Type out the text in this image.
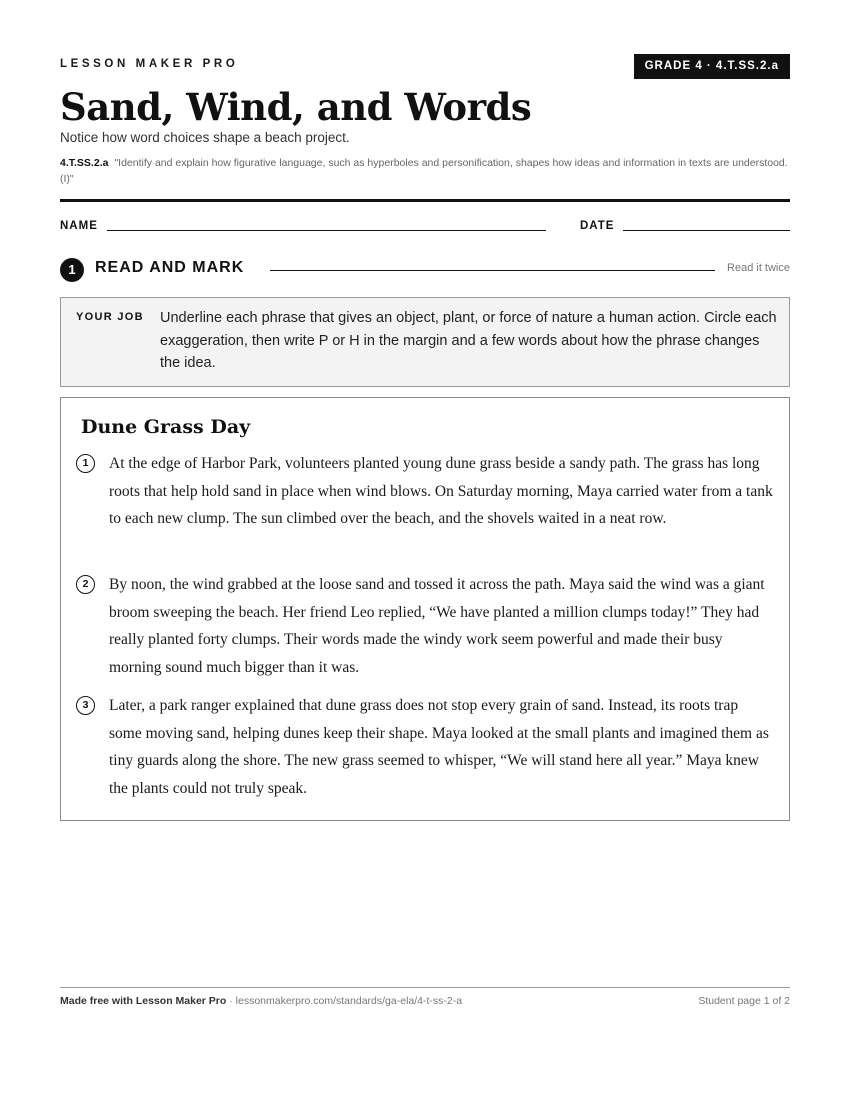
LESSON MAKER PRO	GRADE 4 · 4.T.SS.2.a
Sand, Wind, and Words
Notice how word choices shape a beach project.
4.T.SS.2.a "Identify and explain how figurative language, such as hyperboles and personification, shapes how ideas and information in texts are understood. (I)"
NAME	DATE
1	READ AND MARK	Read it twice
YOUR JOB Underline each phrase that gives an object, plant, or force of nature a human action. Circle each exaggeration, then write P or H in the margin and a few words about how the phrase changes the idea.
Dune Grass Day
1	At the edge of Harbor Park, volunteers planted young dune grass beside a sandy path. The grass has long roots that help hold sand in place when wind blows. On Saturday morning, Maya carried water from a tank to each new clump. The sun climbed over the beach, and the shovels waited in a neat row.
2	By noon, the wind grabbed at the loose sand and tossed it across the path. Maya said the wind was a giant broom sweeping the beach. Her friend Leo replied, “We have planted a million clumps today!” They had really planted forty clumps. Their words made the windy work seem powerful and made their busy morning sound much bigger than it was.
3	Later, a park ranger explained that dune grass does not stop every grain of sand. Instead, its roots trap some moving sand, helping dunes keep their shape. Maya looked at the small plants and imagined them as tiny guards along the shore. The new grass seemed to whisper, “We will stand here all year.” Maya knew the plants could not truly speak.
Made free with Lesson Maker Pro · lessonmakerpro.com/standards/ga-ela/4-t-ss-2-a	Student page 1 of 2
